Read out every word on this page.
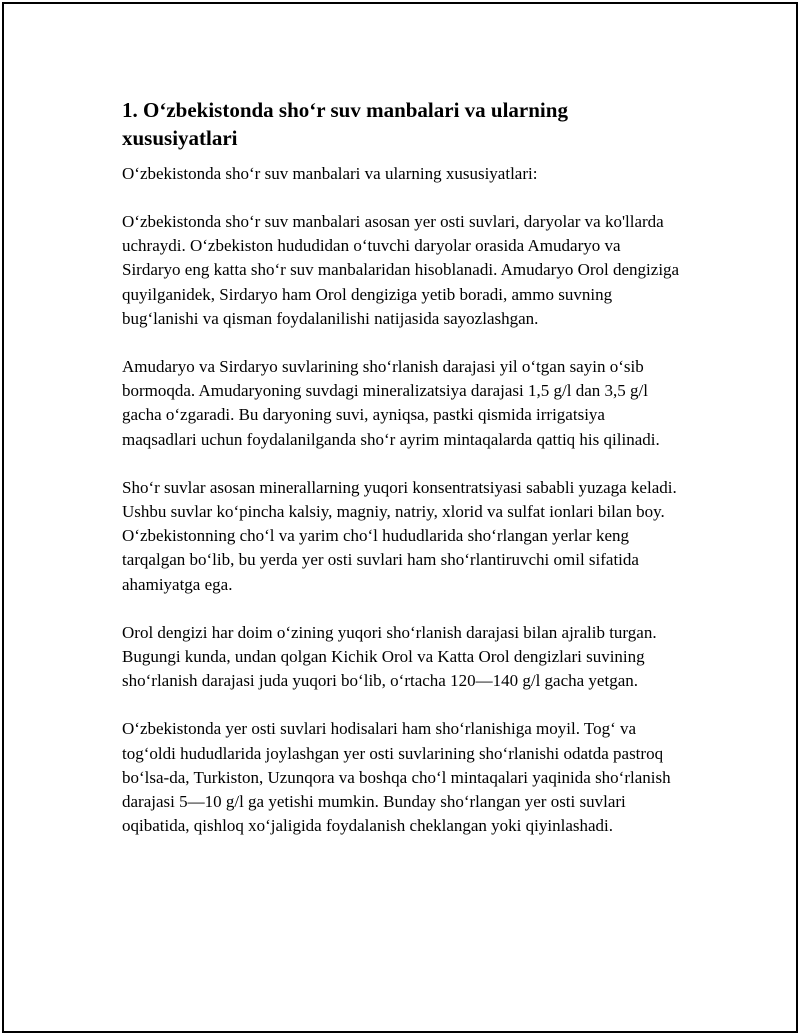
1. O‘zbekistonda sho‘r suv manbalari va ularning xususiyatlari

O‘zbekistonda sho‘r suv manbalari va ularning xususiyatlari:

O‘zbekistonda sho‘r suv manbalari asosan yer osti suvlari, daryolar va ko'llarda uchraydi. O‘zbekiston hududidan o‘tuvchi daryolar orasida Amudaryo va Sirdaryo eng katta sho‘r suv manbalaridan hisoblanadi. Amudaryo Orol dengiziga quyilganidek, Sirdaryo ham Orol dengiziga yetib boradi, ammo suvning bug‘lanishi va qisman foydalanilishi natijasida sayozlashgan.

Amudaryo va Sirdaryo suvlarining sho‘rlanish darajasi yil o‘tgan sayin o‘sib bormoqda. Amudaryoning suvdagi mineralizatsiya darajasi 1,5 g/l dan 3,5 g/l gacha o‘zgaradi. Bu daryoning suvi, ayniqsa, pastki qismida irrigatsiya maqsadlari uchun foydalanilganda sho‘r ayrim mintaqalarda qattiq his qilinadi.

Sho‘r suvlar asosan minerallarning yuqori konsentratsiyasi sababli yuzaga keladi. Ushbu suvlar ko‘pincha kalsiy, magniy, natriy, xlorid va sulfat ionlari bilan boy. O‘zbekistonning cho‘l va yarim cho‘l hududlarida sho‘rlangan yerlar keng tarqalgan bo‘lib, bu yerda yer osti suvlari ham sho‘rlantiruvchi omil sifatida ahamiyatga ega.

Orol dengizi har doim o‘zining yuqori sho‘rlanish darajasi bilan ajralib turgan. Bugungi kunda, undan qolgan Kichik Orol va Katta Orol dengizlari suvining sho‘rlanish darajasi juda yuqori bo‘lib, o‘rtacha 120—140 g/l gacha yetgan.

O‘zbekistonda yer osti suvlari hodisalari ham sho‘rlanishiga moyil. Tog‘ va tog‘oldi hududlarida joylashgan yer osti suvlarining sho‘rlanishi odatda pastroq bo‘lsa-da, Turkiston, Uzunqora va boshqa cho‘l mintaqalari yaqinida sho‘rlanish darajasi 5—10 g/l ga yetishi mumkin. Bunday sho‘rlangan yer osti suvlari oqibatida, qishloq xo‘jaligida foydalanish cheklangan yoki qiyinlashadi.
